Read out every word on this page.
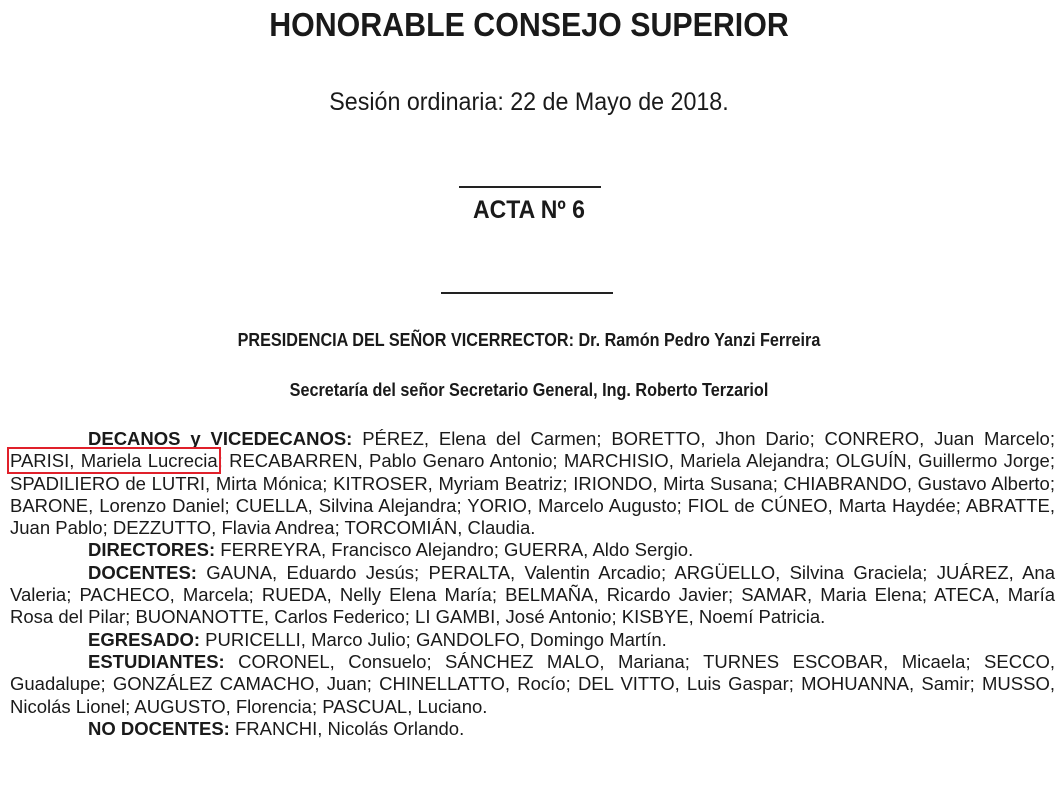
HONORABLE CONSEJO SUPERIOR
Sesión ordinaria: 22 de Mayo de 2018.
ACTA Nº 6
PRESIDENCIA DEL SEÑOR VICERRECTOR: Dr. Ramón Pedro Yanzi Ferreira
Secretaría del señor Secretario General, Ing. Roberto Terzariol

DECANOS y VICEDECANOS: PÉREZ, Elena del Carmen; BORETTO, Jhon Dario; CONRERO, Juan Marcelo; PARISI, Mariela Lucrecia; RECABARREN, Pablo Genaro Antonio; MARCHISIO, Mariela Alejandra; OLGUÍN, Guillermo Jorge; SPADILIERO de LUTRI, Mirta Mónica; KITROSER, Myriam Beatriz; IRIONDO, Mirta Susana; CHIABRANDO, Gustavo Alberto; BARONE, Lorenzo Daniel; CUELLA, Silvina Alejandra; YORIO, Marcelo Augusto; FIOL de CÚNEO, Marta Haydée; ABRATTE, Juan Pablo; DEZZUTTO, Flavia Andrea; TORCOMIÁN, Claudia.

DIRECTORES: FERREYRA, Francisco Alejandro; GUERRA, Aldo Sergio.

DOCENTES: GAUNA, Eduardo Jesús; PERALTA, Valentin Arcadio; ARGÜELLO, Silvina Graciela; JUÁREZ, Ana Valeria; PACHECO, Marcela; RUEDA, Nelly Elena María; BELMAÑA, Ricardo Javier; SAMAR, Maria Elena; ATECA, María Rosa del Pilar; BUONANOTTE, Carlos Federico; LI GAMBI, José Antonio; KISBYE, Noemí Patricia.

EGRESADO: PURICELLI, Marco Julio; GANDOLFO, Domingo Martín.

ESTUDIANTES: CORONEL, Consuelo; SÁNCHEZ MALO, Mariana; TURNES ESCOBAR, Micaela; SECCO, Guadalupe; GONZÁLEZ CAMACHO, Juan; CHINELLATTO, Rocío; DEL VITTO, Luis Gaspar; MOHUANNA, Samir; MUSSO, Nicolás Lionel; AUGUSTO, Florencia; PASCUAL, Luciano.

NO DOCENTES: FRANCHI, Nicolás Orlando.
